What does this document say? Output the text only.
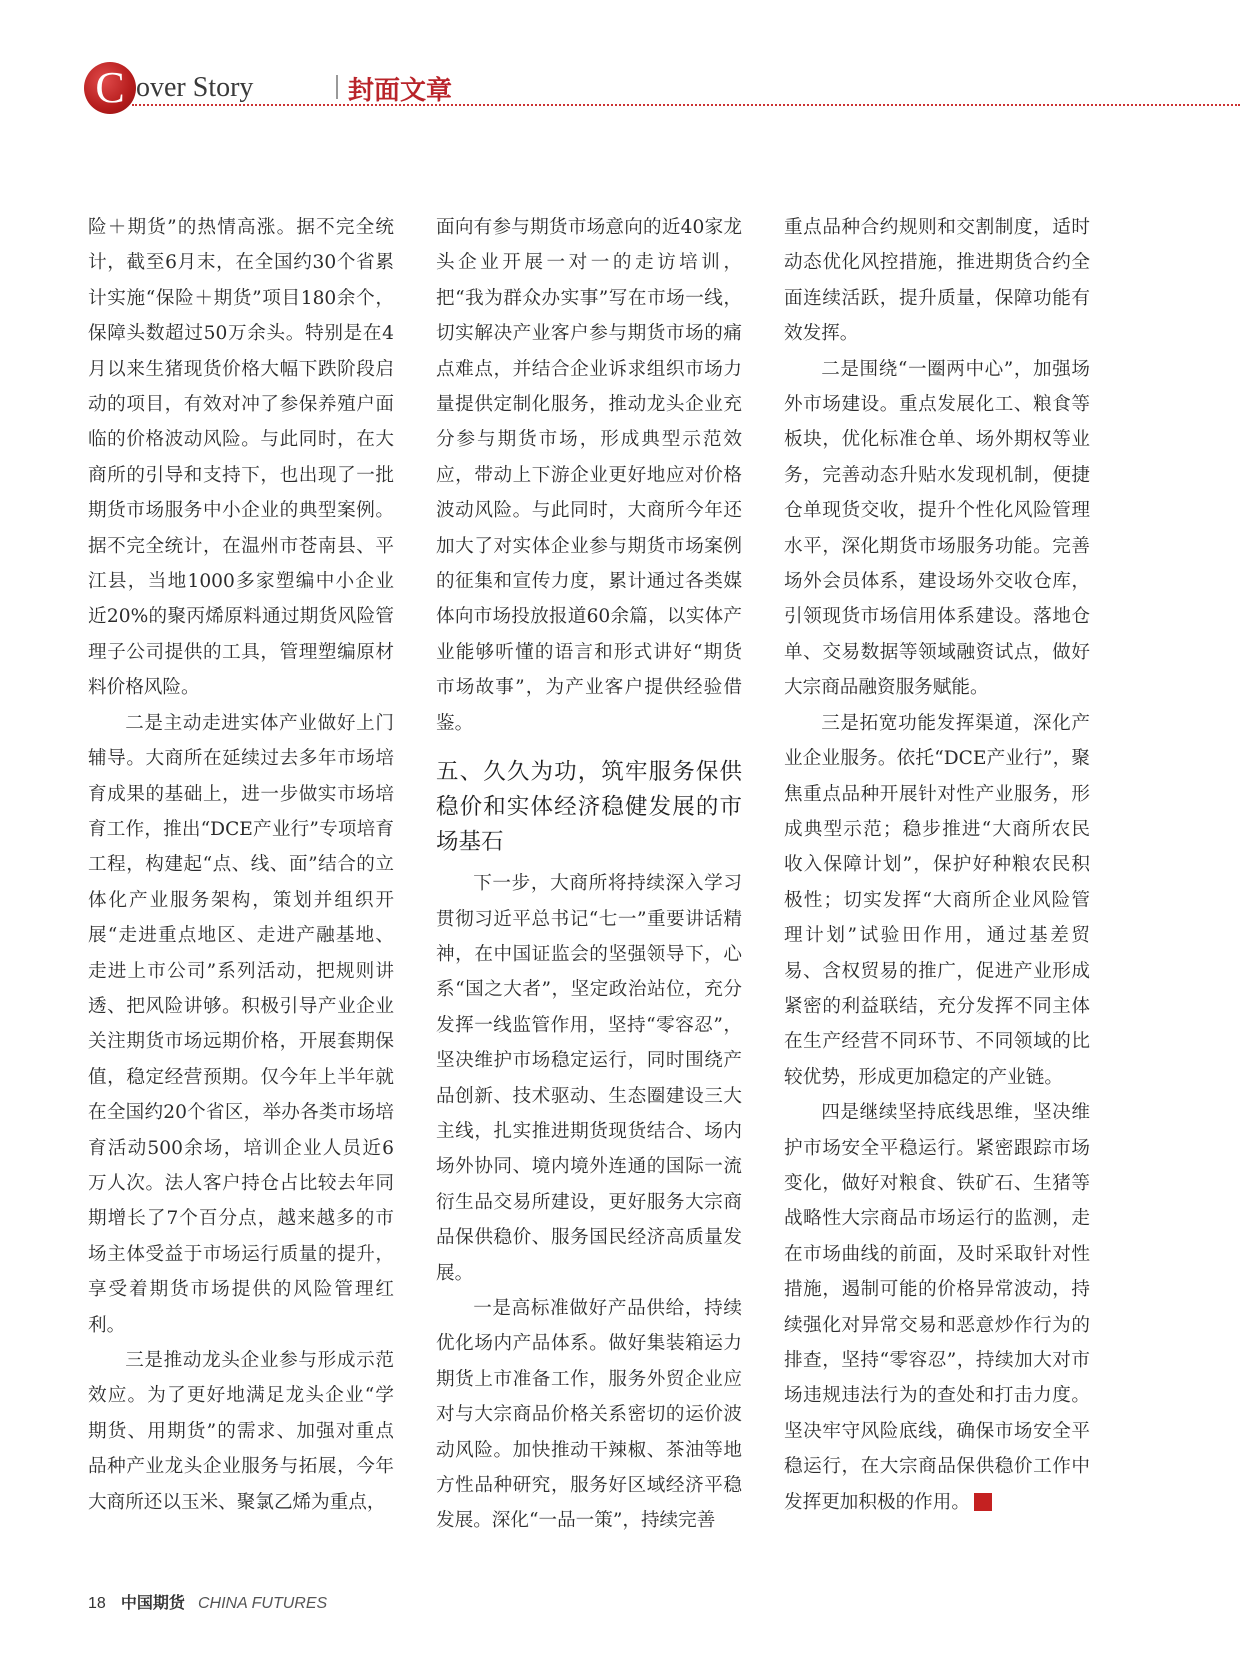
C over Story	封面文章

险＋期货”的热情高涨。据不完全统计，截至6月末，在全国约30个省累计实施“保险＋期货”项目180余个，保障头数超过50万余头。特别是在4月以来生猪现货价格大幅下跌阶段启动的项目，有效对冲了参保养殖户面临的价格波动风险。与此同时，在大商所的引导和支持下，也出现了一批期货市场服务中小企业的典型案例。据不完全统计，在温州市苍南县、平江县，当地1000多家塑编中小企业近20%的聚丙烯原料通过期货风险管理子公司提供的工具，管理塑编原材料价格风险。

二是主动走进实体产业做好上门辅导。大商所在延续过去多年市场培育成果的基础上，进一步做实市场培育工作，推出“DCE产业行”专项培育工程，构建起“点、线、面”结合的立体化产业服务架构，策划并组织开展“走进重点地区、走进产融基地、走进上市公司”系列活动，把规则讲透、把风险讲够。积极引导产业企业关注期货市场远期价格，开展套期保值，稳定经营预期。仅今年上半年就在全国约20个省区，举办各类市场培育活动500余场，培训企业人员近6万人次。法人客户持仓占比较去年同期增长了7个百分点，越来越多的市场主体受益于市场运行质量的提升，享受着期货市场提供的风险管理红利。

三是推动龙头企业参与形成示范效应。为了更好地满足龙头企业“学期货、用期货”的需求、加强对重点品种产业龙头企业服务与拓展，今年大商所还以玉米、聚氯乙烯为重点，

面向有参与期货市场意向的近40家龙头企业开展一对一的走访培训，把“我为群众办实事”写在市场一线，切实解决产业客户参与期货市场的痛点难点，并结合企业诉求组织市场力量提供定制化服务，推动龙头企业充分参与期货市场，形成典型示范效应，带动上下游企业更好地应对价格波动风险。与此同时，大商所今年还加大了对实体企业参与期货市场案例的征集和宣传力度，累计通过各类媒体向市场投放报道60余篇，以实体产业能够听懂的语言和形式讲好“期货市场故事”，为产业客户提供经验借鉴。

五、久久为功，筑牢服务保供稳价和实体经济稳健发展的市场基石

下一步，大商所将持续深入学习贯彻习近平总书记“七一”重要讲话精神，在中国证监会的坚强领导下，心系“国之大者”，坚定政治站位，充分发挥一线监管作用，坚持“零容忍”，坚决维护市场稳定运行，同时围绕产品创新、技术驱动、生态圈建设三大主线，扎实推进期货现货结合、场内场外协同、境内境外连通的国际一流衍生品交易所建设，更好服务大宗商品保供稳价、服务国民经济高质量发展。

一是高标准做好产品供给，持续优化场内产品体系。做好集装箱运力期货上市准备工作，服务外贸企业应对与大宗商品价格关系密切的运价波动风险。加快推动干辣椒、茶油等地方性品种研究，服务好区域经济平稳发展。深化“一品一策”，持续完善

重点品种合约规则和交割制度，适时动态优化风控措施，推进期货合约全面连续活跃，提升质量，保障功能有效发挥。

二是围绕“一圈两中心”，加强场外市场建设。重点发展化工、粮食等板块，优化标准仓单、场外期权等业务，完善动态升贴水发现机制，便捷仓单现货交收，提升个性化风险管理水平，深化期货市场服务功能。完善场外会员体系，建设场外交收仓库，引领现货市场信用体系建设。落地仓单、交易数据等领域融资试点，做好大宗商品融资服务赋能。

三是拓宽功能发挥渠道，深化产业企业服务。依托“DCE产业行”，聚焦重点品种开展针对性产业服务，形成典型示范；稳步推进“大商所农民收入保障计划”，保护好种粮农民积极性；切实发挥“大商所企业风险管理计划”试验田作用，通过基差贸易、含权贸易的推广，促进产业形成紧密的利益联结，充分发挥不同主体在生产经营不同环节、不同领域的比较优势，形成更加稳定的产业链。

四是继续坚持底线思维，坚决维护市场安全平稳运行。紧密跟踪市场变化，做好对粮食、铁矿石、生猪等战略性大宗商品市场运行的监测，走在市场曲线的前面，及时采取针对性措施，遏制可能的价格异常波动，持续强化对异常交易和恶意炒作行为的排查，坚持“零容忍”，持续加大对市场违规违法行为的查处和打击力度。坚决牢守风险底线，确保市场安全平稳运行，在大宗商品保供稳价工作中发挥更加积极的作用。

18 中国期货 CHINA FUTURES
